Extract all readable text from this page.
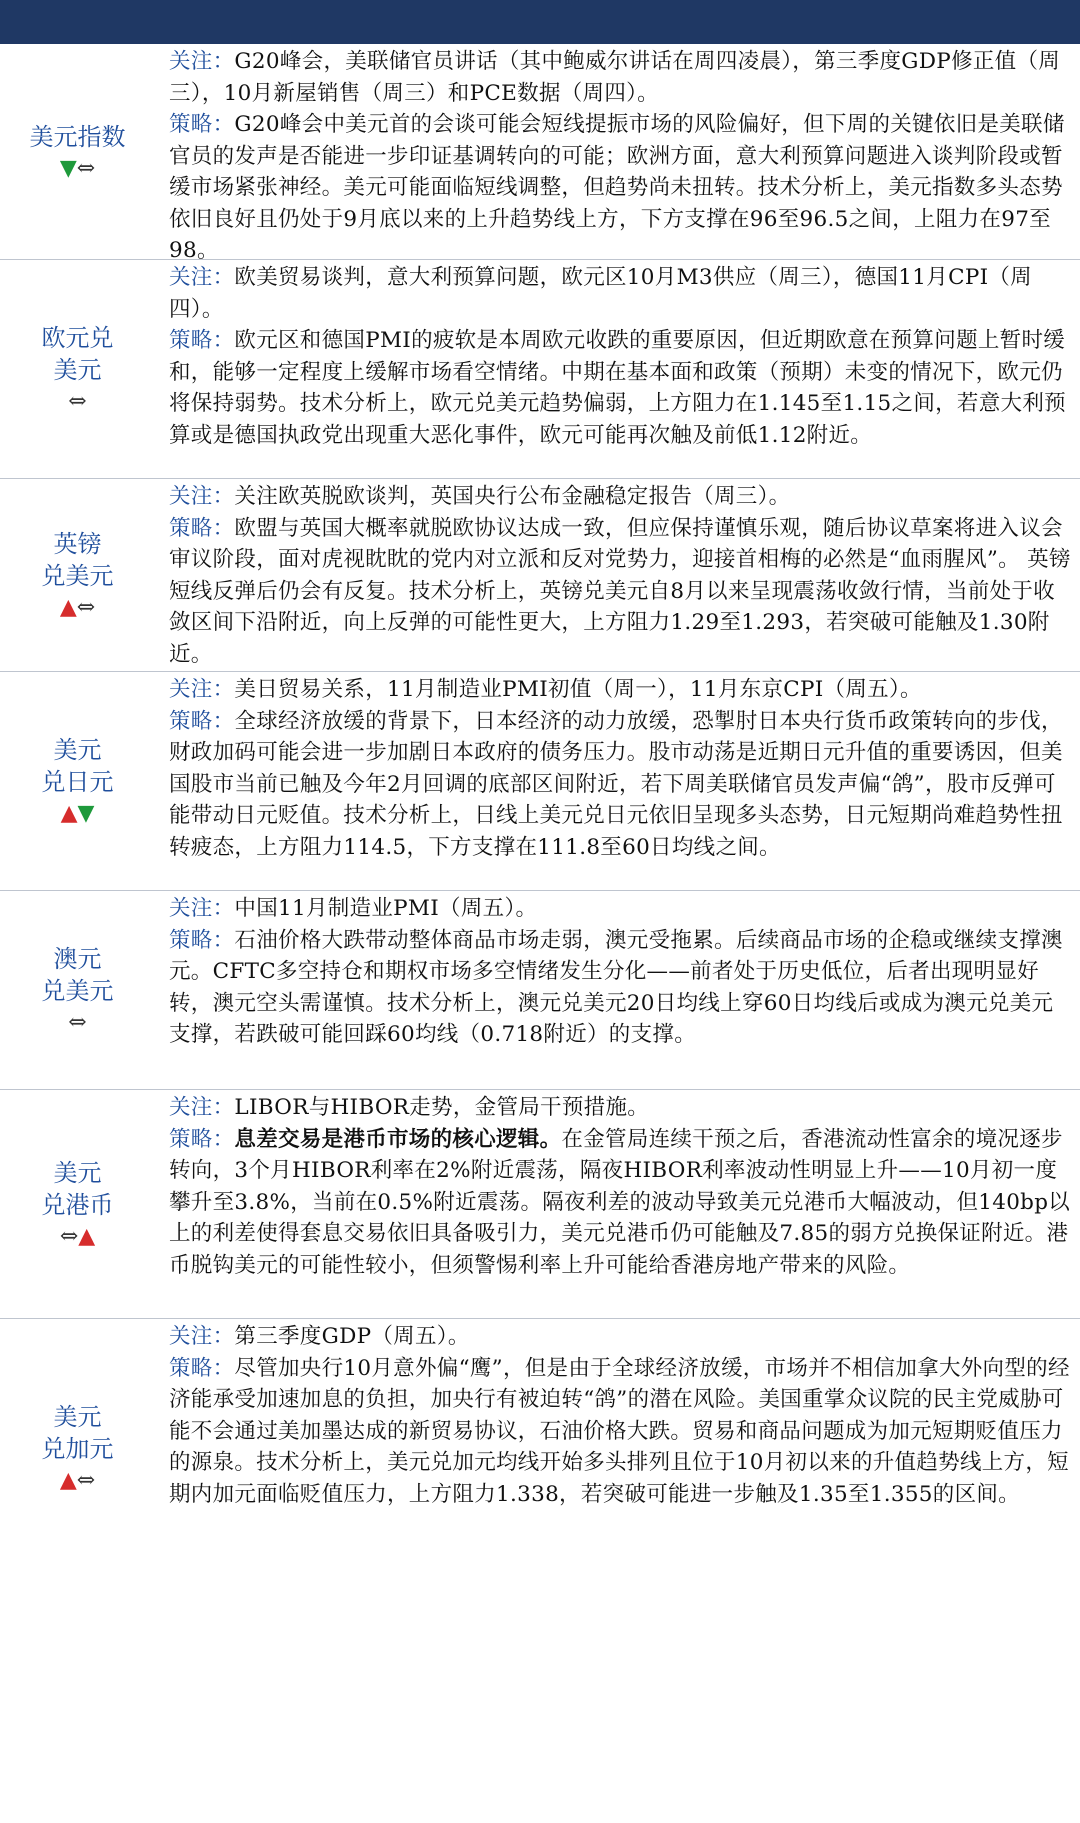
美元指数
▼⇔

关注：G20峰会，美联储官员讲话（其中鲍威尔讲话在周四凌晨），第三季度GDP修正值（周三），10月新屋销售（周三）和PCE数据（周四）。

策略：G20峰会中美元首的会谈可能会短线提振市场的风险偏好，但下周的关键依旧是美联储官员的发声是否能进一步印证基调转向的可能；欧洲方面，意大利预算问题进入谈判阶段或暂缓市场紧张神经。美元可能面临短线调整，但趋势尚未扭转。技术分析上，美元指数多头态势依旧良好且仍处于9月底以来的上升趋势线上方，下方支撑在96至96.5之间，上阻力在97至98。

欧元兑
美元
⇔

关注：欧美贸易谈判，意大利预算问题，欧元区10月M3供应（周三），德国11月CPI（周四）。

策略：欧元区和德国PMI的疲软是本周欧元收跌的重要原因，但近期欧意在预算问题上暂时缓和，能够一定程度上缓解市场看空情绪。中期在基本面和政策（预期）未变的情况下，欧元仍将保持弱势。技术分析上，欧元兑美元趋势偏弱，上方阻力在1.145至1.15之间，若意大利预算或是德国执政党出现重大恶化事件，欧元可能再次触及前低1.12附近。

英镑
兑美元
▲⇔

关注：关注欧英脱欧谈判，英国央行公布金融稳定报告（周三）。

策略：欧盟与英国大概率就脱欧协议达成一致，但应保持谨慎乐观，随后协议草案将进入议会审议阶段，面对虎视眈眈的党内对立派和反对党势力，迎接首相梅的必然是“血雨腥风”。 英镑短线反弹后仍会有反复。技术分析上，英镑兑美元自8月以来呈现震荡收敛行情，当前处于收敛区间下沿附近，向上反弹的可能性更大，上方阻力1.29至1.293，若突破可能触及1.30附近。

美元
兑日元
▲▼

关注：美日贸易关系，11月制造业PMI初值（周一），11月东京CPI（周五）。

策略：全球经济放缓的背景下，日本经济的动力放缓，恐掣肘日本央行货币政策转向的步伐，财政加码可能会进一步加剧日本政府的债务压力。股市动荡是近期日元升值的重要诱因，但美国股市当前已触及今年2月回调的底部区间附近，若下周美联储官员发声偏“鸽”，股市反弹可能带动日元贬值。技术分析上，日线上美元兑日元依旧呈现多头态势，日元短期尚难趋势性扭转疲态，上方阻力114.5，下方支撑在111.8至60日均线之间。

澳元
兑美元
⇔

关注：中国11月制造业PMI（周五）。

策略：石油价格大跌带动整体商品市场走弱，澳元受拖累。后续商品市场的企稳或继续支撑澳元。CFTC多空持仓和期权市场多空情绪发生分化——前者处于历史低位，后者出现明显好转，澳元空头需谨慎。技术分析上，澳元兑美元20日均线上穿60日均线后或成为澳元兑美元支撑，若跌破可能回踩60均线（0.718附近）的支撑。

美元
兑港币
⇔▲

关注：LIBOR与HIBOR走势，金管局干预措施。

策略：息差交易是港币市场的核心逻辑。在金管局连续干预之后，香港流动性富余的境况逐步转向，3个月HIBOR利率在2%附近震荡，隔夜HIBOR利率波动性明显上升——10月初一度攀升至3.8%，当前在0.5%附近震荡。隔夜利差的波动导致美元兑港币大幅波动，但140bp以上的利差使得套息交易依旧具备吸引力，美元兑港币仍可能触及7.85的弱方兑换保证附近。港币脱钩美元的可能性较小，但须警惕利率上升可能给香港房地产带来的风险。

美元
兑加元
▲⇔

关注：第三季度GDP（周五）。

策略：尽管加央行10月意外偏“鹰”，但是由于全球经济放缓，市场并不相信加拿大外向型的经济能承受加速加息的负担，加央行有被迫转“鸽”的潜在风险。美国重掌众议院的民主党威胁可能不会通过美加墨达成的新贸易协议，石油价格大跌。贸易和商品问题成为加元短期贬值压力的源泉。技术分析上，美元兑加元均线开始多头排列且位于10月初以来的升值趋势线上方，短期内加元面临贬值压力，上方阻力1.338，若突破可能进一步触及1.35至1.355的区间。
